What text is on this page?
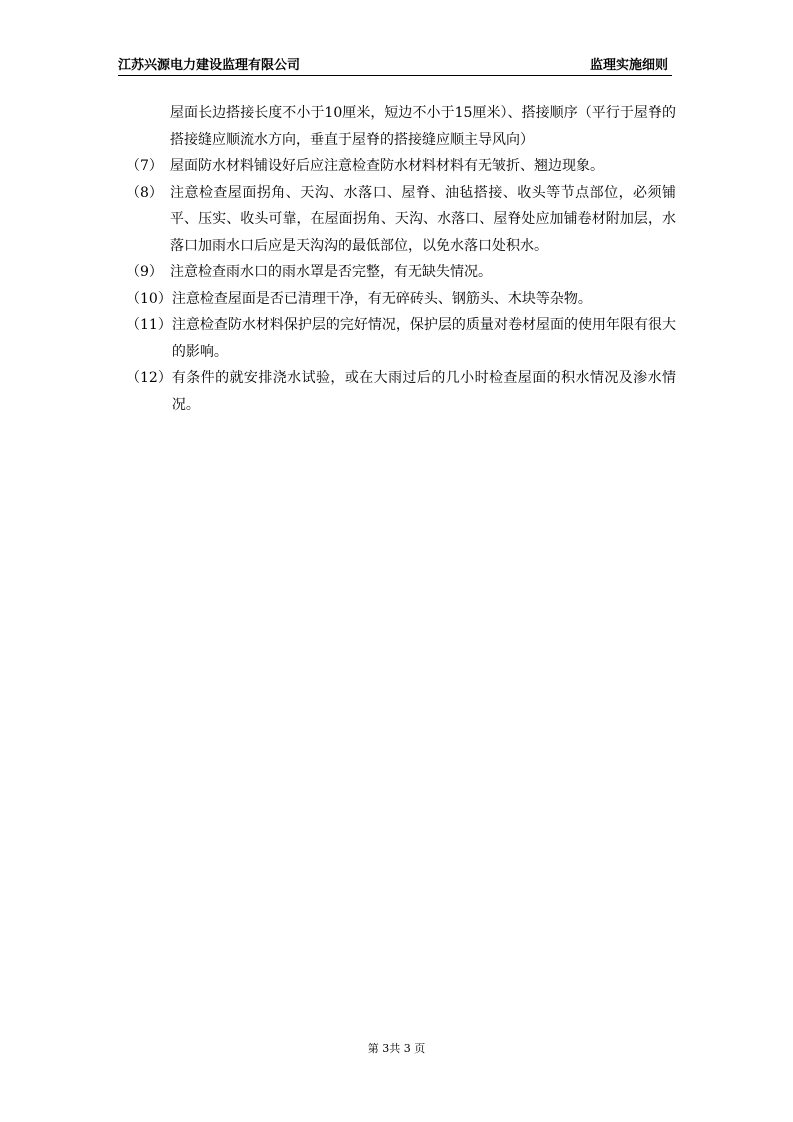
江苏兴源电力建设监理有限公司	监理实施细则
屋面长边搭接长度不小于10厘米，短边不小于15厘米）、搭接顺序（平行于屋脊的搭接缝应顺流水方向，垂直于屋脊的搭接缝应顺主导风向）
（7） 屋面防水材料铺设好后应注意检查防水材料材料有无皱折、翘边现象。
（8） 注意检查屋面拐角、天沟、水落口、屋脊、油毡搭接、收头等节点部位，必须铺平、压实、收头可靠，在屋面拐角、天沟、水落口、屋脊处应加铺卷材附加层，水落口加雨水口后应是天沟沟的最低部位，以免水落口处积水。
（9） 注意检查雨水口的雨水罩是否完整，有无缺失情况。
（10） 注意检查屋面是否已清理干净，有无碎砖头、钢筋头、木块等杂物。
（11） 注意检查防水材料保护层的完好情况，保护层的质量对卷材屋面的使用年限有很大的影响。
（12） 有条件的就安排浇水试验，或在大雨过后的几小时检查屋面的积水情况及渗水情况。
第 3共 3 页
